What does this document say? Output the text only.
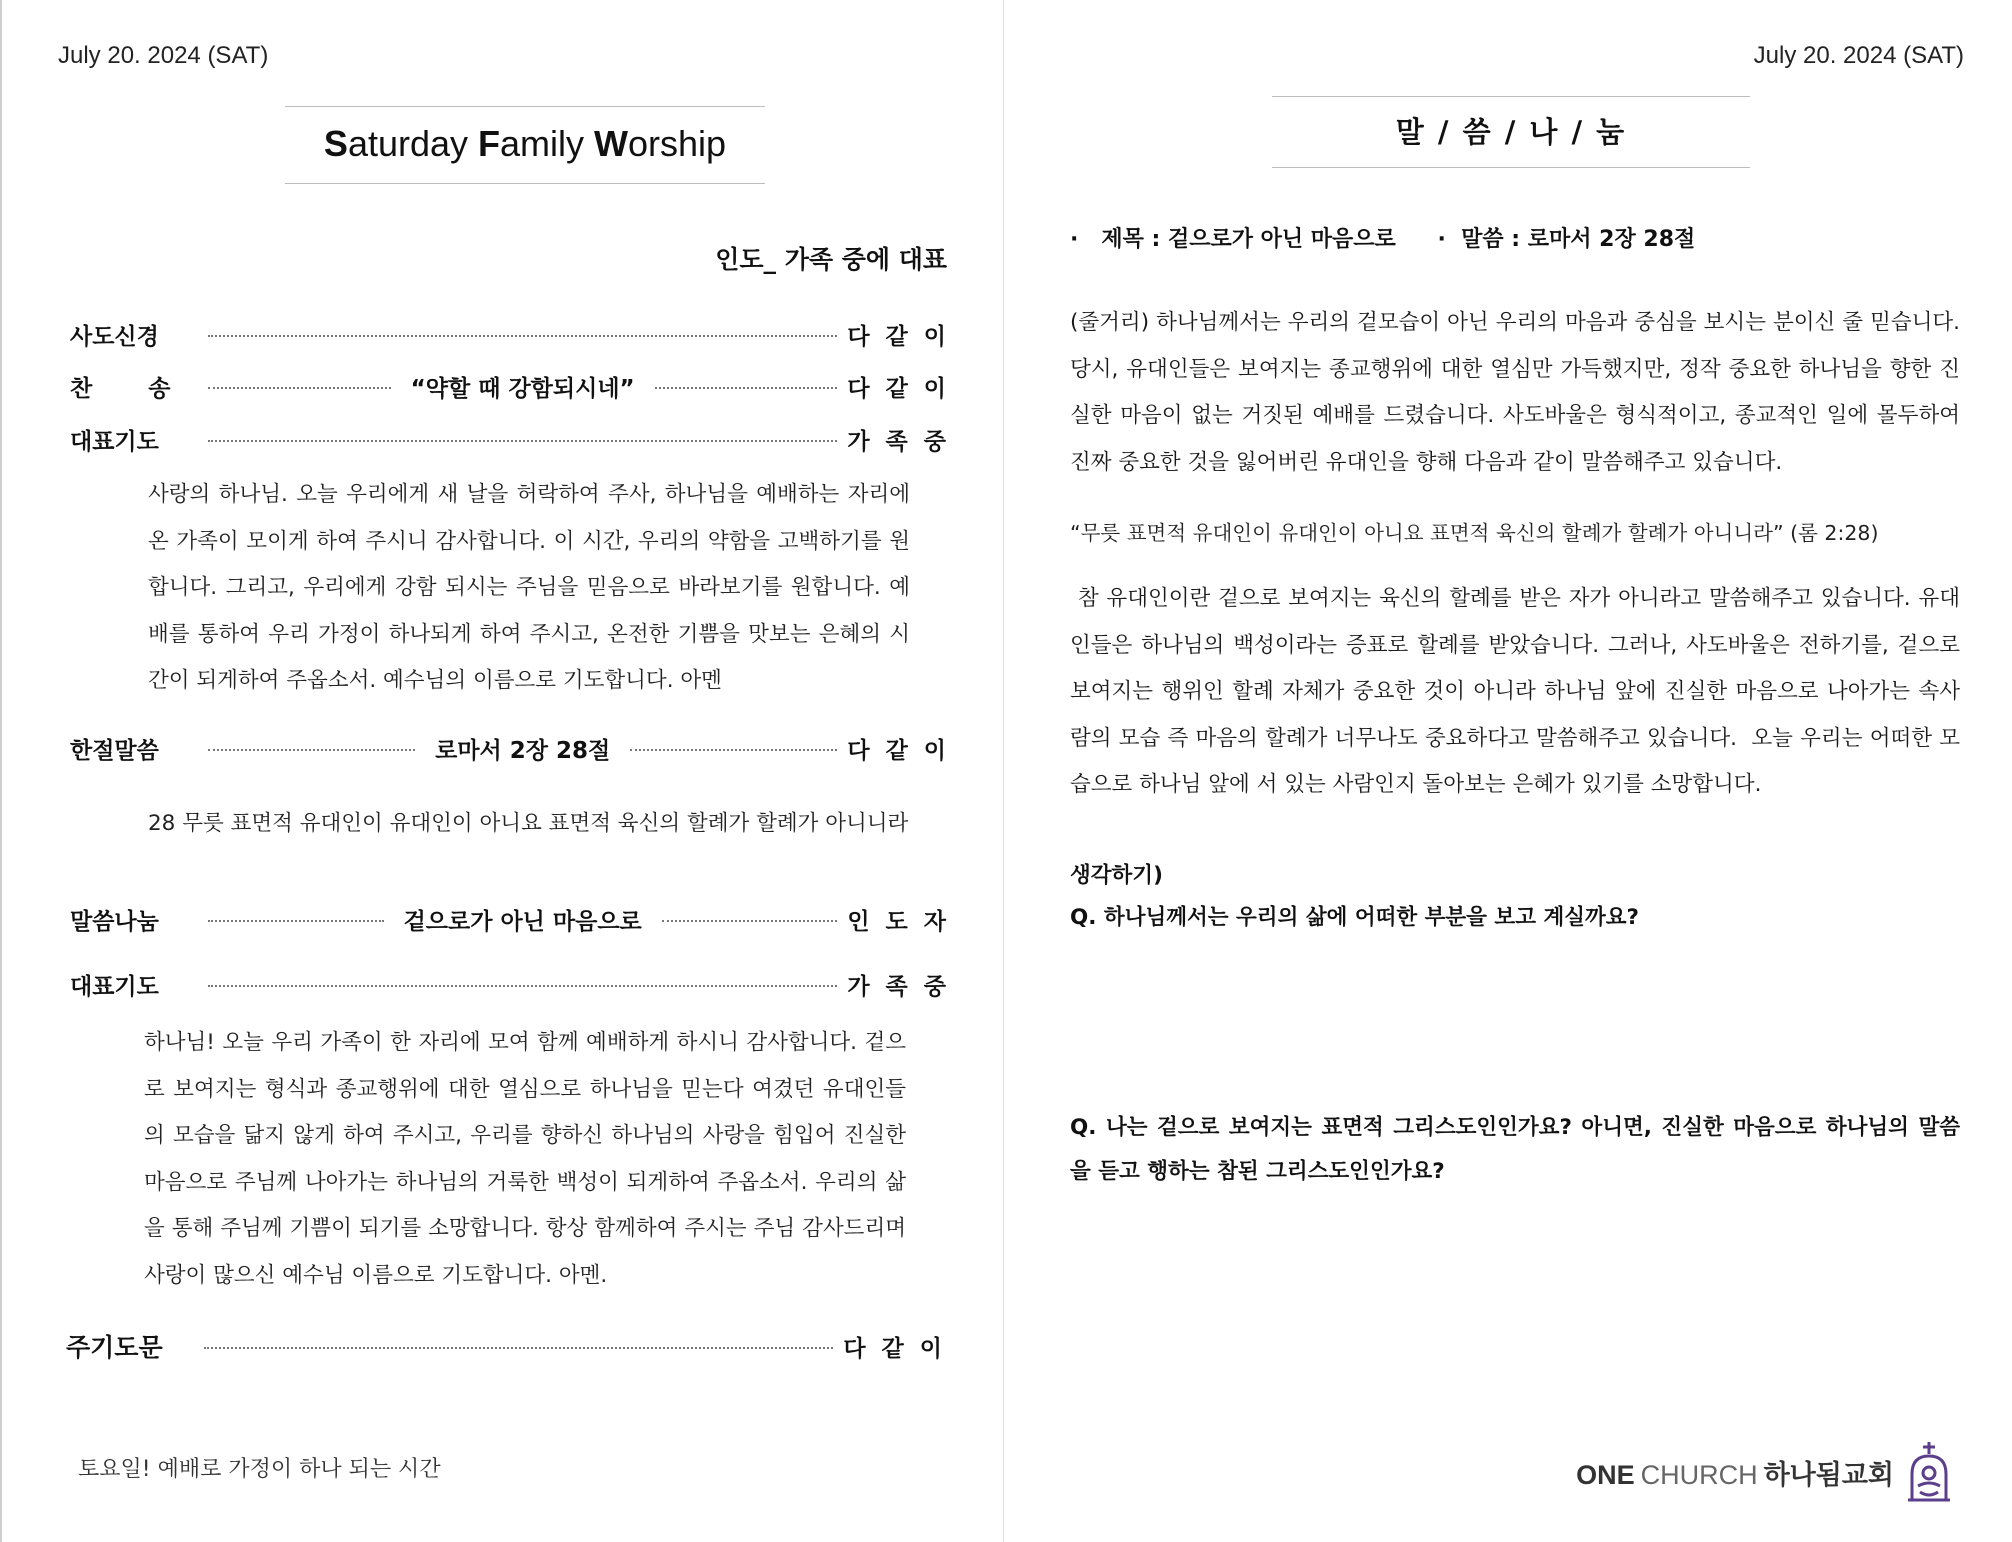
July 20. 2024 (SAT)
Saturday Family Worship
인도_ 가족 중에 대표
사도신경	다 같 이
찬       송	“약할 때 강함되시네”	다 같 이
대표기도	가 족 중
사랑의 하나님. 오늘 우리에게 새 날을 허락하여 주사, 하나님을 예배하는 자리에 온 가족이 모이게 하여 주시니 감사합니다. 이 시간, 우리의 약함을 고백하기를 원합니다. 그리고, 우리에게 강함 되시는 주님을 믿음으로 바라보기를 원합니다. 예배를 통하여 우리 가정이 하나되게 하여 주시고, 온전한 기쁨을 맛보는 은혜의 시간이 되게하여 주옵소서. 예수님의 이름으로 기도합니다. 아멘
한절말씀	로마서 2장 28절	다 같 이
28 무릇 표면적 유대인이 유대인이 아니요 표면적 육신의 할례가 할례가 아니니라
말씀나눔	겉으로가 아닌 마음으로	인 도 자
대표기도	가 족 중
하나님! 오늘 우리 가족이 한 자리에 모여 함께 예배하게 하시니 감사합니다. 겉으로 보여지는 형식과 종교행위에 대한 열심으로 하나님을 믿는다 여겼던 유대인들의 모습을 닮지 않게 하여 주시고, 우리를 향하신 하나님의 사랑을 힘입어 진실한 마음으로 주님께 나아가는 하나님의 거룩한 백성이 되게하여 주옵소서. 우리의 삶을 통해 주님께 기쁨이 되기를 소망합니다. 항상 함께하여 주시는 주님 감사드리며 사랑이 많으신 예수님 이름으로 기도합니다. 아멘.
주기도문	다 같 이
토요일! 예배로 가정이 하나 되는 시간
July 20. 2024 (SAT)
말 / 씀 / 나 / 눔
·   제목 : 겉으로가 아닌 마음으로 ·  말씀 : 로마서 2장 28절
(줄거리) 하나님께서는 우리의 겉모습이 아닌 우리의 마음과 중심을 보시는 분이신 줄 믿습니다. 당시, 유대인들은 보여지는 종교행위에 대한 열심만 가득했지만, 정작 중요한 하나님을 향한 진실한 마음이 없는 거짓된 예배를 드렸습니다. 사도바울은 형식적이고, 종교적인 일에 몰두하여 진짜 중요한 것을 잃어버린 유대인을 향해 다음과 같이 말씀해주고 있습니다.
“무릇 표면적 유대인이 유대인이 아니요 표면적 육신의 할례가 할례가 아니니라” (롬 2:28)
참 유대인이란 겉으로 보여지는 육신의 할례를 받은 자가 아니라고 말씀해주고 있습니다. 유대인들은 하나님의 백성이라는 증표로 할례를 받았습니다. 그러나, 사도바울은 전하기를, 겉으로 보여지는 행위인 할례 자체가 중요한 것이 아니라 하나님 앞에 진실한 마음으로 나아가는 속사람의 모습 즉 마음의 할례가 너무나도 중요하다고 말씀해주고 있습니다.  오늘 우리는 어떠한 모습으로 하나님 앞에 서 있는 사람인지 돌아보는 은혜가 있기를 소망합니다.
생각하기)
Q. 하나님께서는 우리의 삶에 어떠한 부분을 보고 계실까요?
Q. 나는 겉으로 보여지는 표면적 그리스도인인가요? 아니면, 진실한 마음으로 하나님의 말씀을 듣고 행하는 참된 그리스도인인가요?
ONE CHURCH 하나됨교회
